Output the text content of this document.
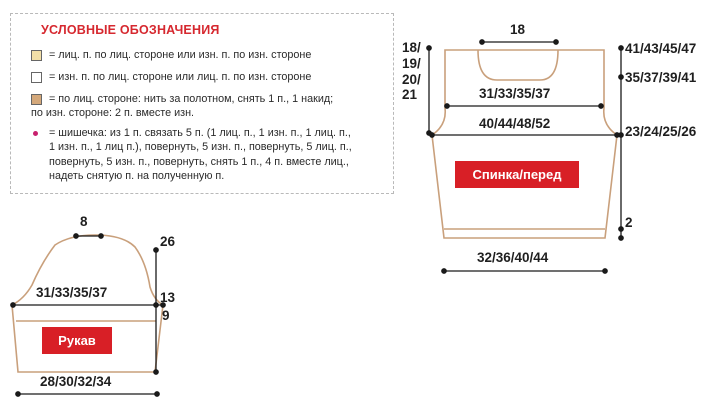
УСЛОВНЫЕ ОБОЗНАЧЕНИЯ
= лиц. п. по лиц. стороне или изн. п. по изн. стороне
= изн. п. по лиц. стороне или лиц. п. по изн. стороне
= по лиц. стороне: нить за полотном, снять 1 п., 1 накид;
по изн. стороне: 2 п. вместе изн.
= шишечка: из 1 п. связать 5 п. (1 лиц. п., 1 изн. п., 1 лиц. п.,
1 изн. п., 1 лиц п.), повернуть, 5 изн. п., повернуть, 5 лиц. п.,
повернуть, 5 изн. п., повернуть, снять 1 п., 4 п. вместе лиц.,
надеть снятую п. на полученную п.
18
31/33/35/37
40/44/48/52
32/36/40/44
18/
19/
20/
21
41/43/45/47
35/37/39/41
23/24/25/26
2
Спинка/перед
8
31/33/35/37
28/30/32/34
26
13
9
Рукав
